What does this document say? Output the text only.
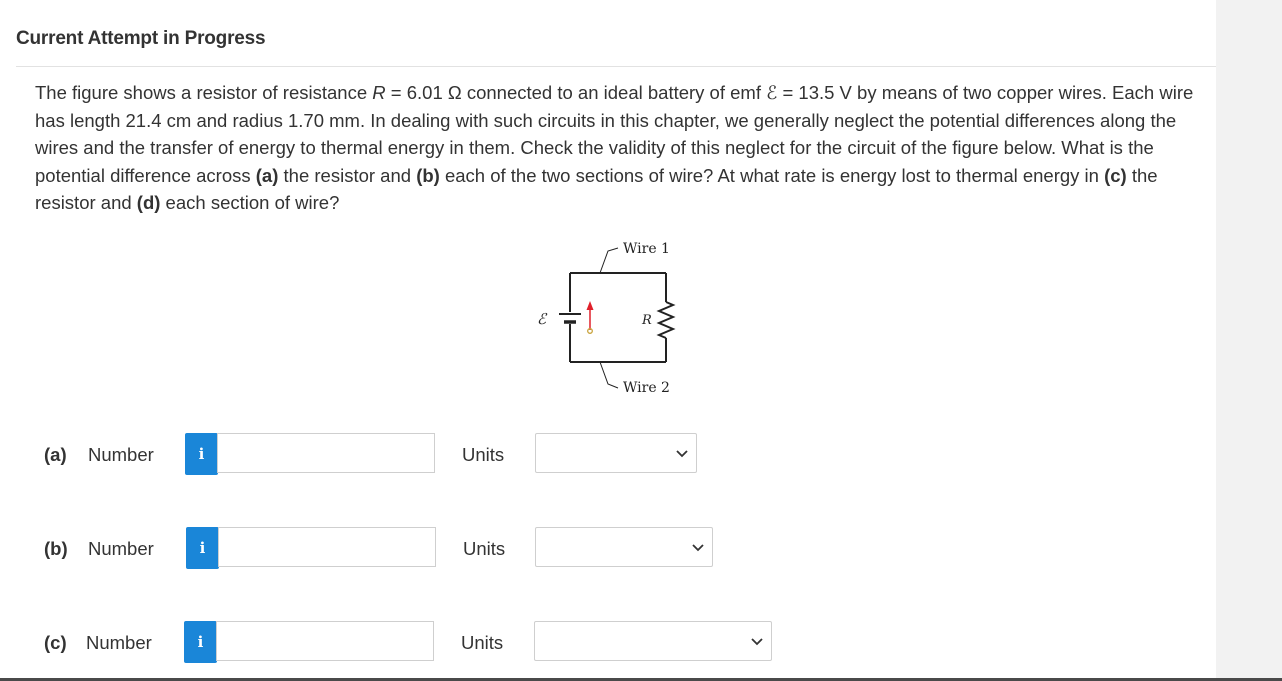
Current Attempt in Progress
The figure shows a resistor of resistance R = 6.01 Ω connected to an ideal battery of emf ℰ = 13.5 V by means of two copper wires. Each wire has length 21.4 cm and radius 1.70 mm. In dealing with such circuits in this chapter, we generally neglect the potential differences along the wires and the transfer of energy to thermal energy in them. Check the validity of this neglect for the circuit of the figure below. What is the potential difference across (a) the resistor and (b) each of the two sections of wire? At what rate is energy lost to thermal energy in (c) the resistor and (d) each section of wire?
Wire 1
Wire 2
ℰ	R
(a) Number	i	Units
(b) Number	i	Units
(c) Number	i	Units
